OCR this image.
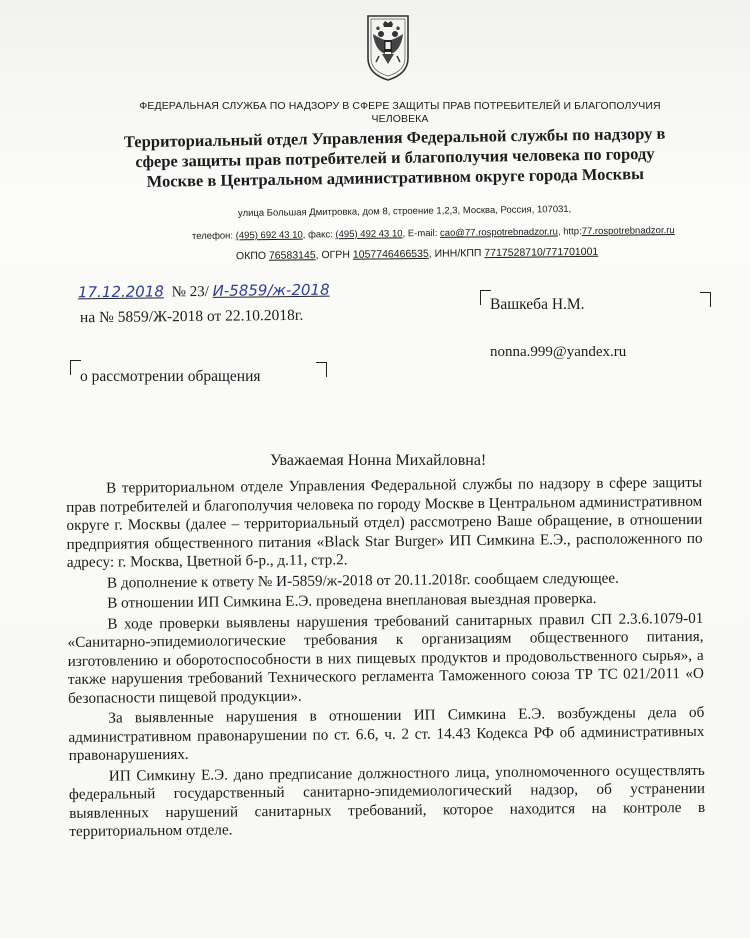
ФЕДЕРАЛЬНАЯ СЛУЖБА ПО НАДЗОРУ В СФЕРЕ ЗАЩИТЫ ПРАВ ПОТРЕБИТЕЛЕЙ И БЛАГОПОЛУЧИЯ ЧЕЛОВЕКА
Территориальный отдел Управления Федеральной службы по надзору в сфере защиты прав потребителей и благополучия человека по городу Москве в Центральном административном округе города Москвы
улица Большая Дмитровка, дом 8, строение 1,2,3, Москва, Россия, 107031,
телефон: (495) 692 43 10, факс: (495) 492 43 10, E-mail: cao@77.rospotrebnadzor.ru, http:77.rospotrebnadzor.ru
ОКПО 76583145, ОГРН 1057746466535, ИНН/КПП 7717528710/771701001
17.12.2018 № 23/ И-5859/ж-2018
на № 5859/Ж-2018 от 22.10.2018г.
Вашкеба Н.М.
nonna.999@yandex.ru
о рассмотрении обращения
Уважаемая Нонна Михайловна!

В территориальном отделе Управления Федеральной службы по надзору в сфере защиты прав потребителей и благополучия человека по городу Москве в Центральном административном округе г. Москвы (далее – территориальный отдел) рассмотрено Ваше обращение, в отношении предприятия общественного питания «Black Star Burger» ИП Симкина Е.Э., расположенного по адресу: г. Москва, Цветной б-р., д.11, стр.2.

В дополнение к ответу № И-5859/ж-2018 от 20.11.2018г. сообщаем следующее.

В отношении ИП Симкина Е.Э. проведена внеплановая выездная проверка.

В ходе проверки выявлены нарушения требований санитарных правил СП 2.3.6.1079-01 «Санитарно-эпидемиологические требования к организациям общественного питания, изготовлению и оборотоспособности в них пищевых продуктов и продовольственного сырья», а также нарушения требований Технического регламента Таможенного союза ТР ТС 021/2011 «О безопасности пищевой продукции».

За выявленные нарушения в отношении ИП Симкина Е.Э. возбуждены дела об административном правонарушении по ст. 6.6, ч. 2 ст. 14.43 Кодекса РФ об административных правонарушениях.

ИП Симкину Е.Э. дано предписание должностного лица, уполномоченного осуществлять федеральный государственный санитарно-эпидемиологический надзор, об устранении выявленных нарушений санитарных требований, которое находится на контроле в территориальном отделе.
